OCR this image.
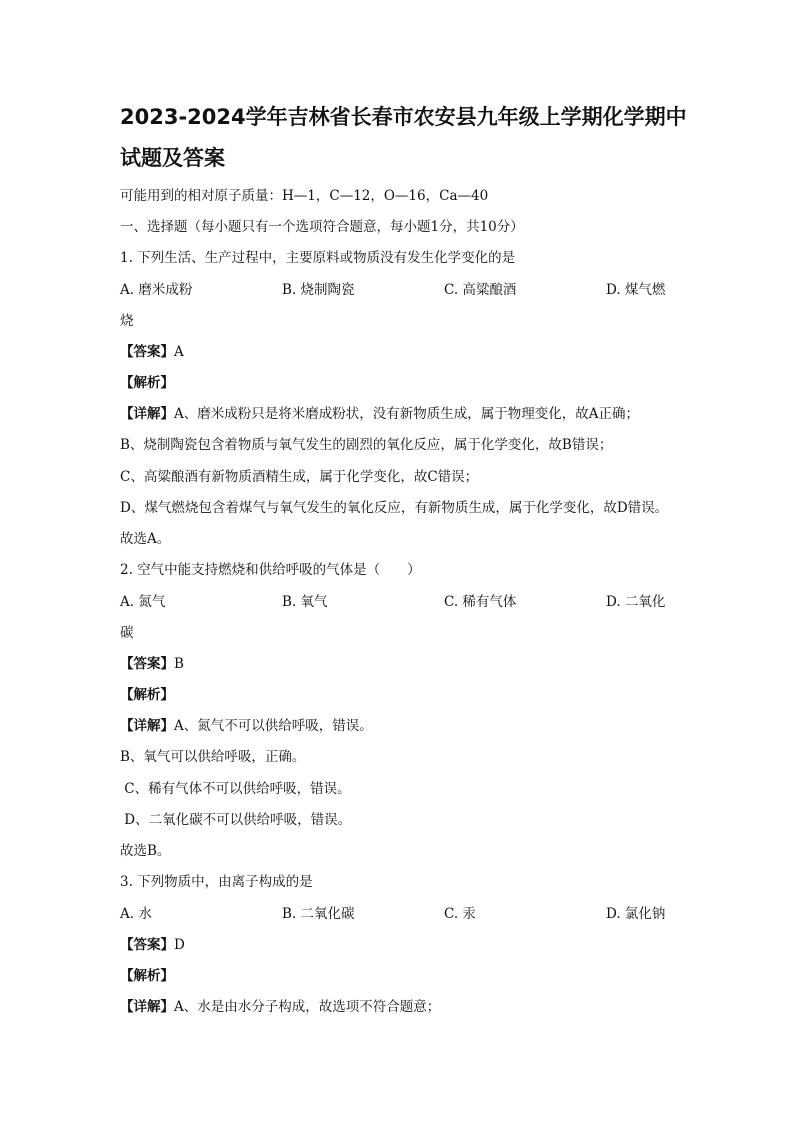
2023-2024学年吉林省长春市农安县九年级上学期化学期中
试题及答案
可能用到的相对原子质量：H—1，C—12，O—16，Ca—40
一、选择题（每小题只有一个选项符合题意，每小题1分，共10分）
1. 下列生活、生产过程中，主要原料或物质没有发生化学变化的是
A. 磨米成粉	B. 烧制陶瓷	C. 高粱酿酒	D. 煤气燃
烧
【答案】A
【解析】
【详解】A、磨米成粉只是将米磨成粉状，没有新物质生成，属于物理变化，故A正确；
B、烧制陶瓷包含着物质与氧气发生的剧烈的氧化反应，属于化学变化，故B错误；
C、高粱酿酒有新物质酒精生成，属于化学变化，故C错误；
D、煤气燃烧包含着煤气与氧气发生的氧化反应，有新物质生成，属于化学变化，故D错误。
故选A。
2. 空气中能支持燃烧和供给呼吸的气体是（　　）
A. 氮气	B. 氧气	C. 稀有气体	D. 二氧化
碳
【答案】B
【解析】
【详解】A、氮气不可以供给呼吸，错误。
B、氧气可以供给呼吸，正确。
C、稀有气体不可以供给呼吸，错误。
D、二氧化碳不可以供给呼吸，错误。
故选B。
3. 下列物质中，由离子构成的是
A. 水	B. 二氧化碳	C. 汞	D. 氯化钠
【答案】D
【解析】
【详解】A、水是由水分子构成，故选项不符合题意；
